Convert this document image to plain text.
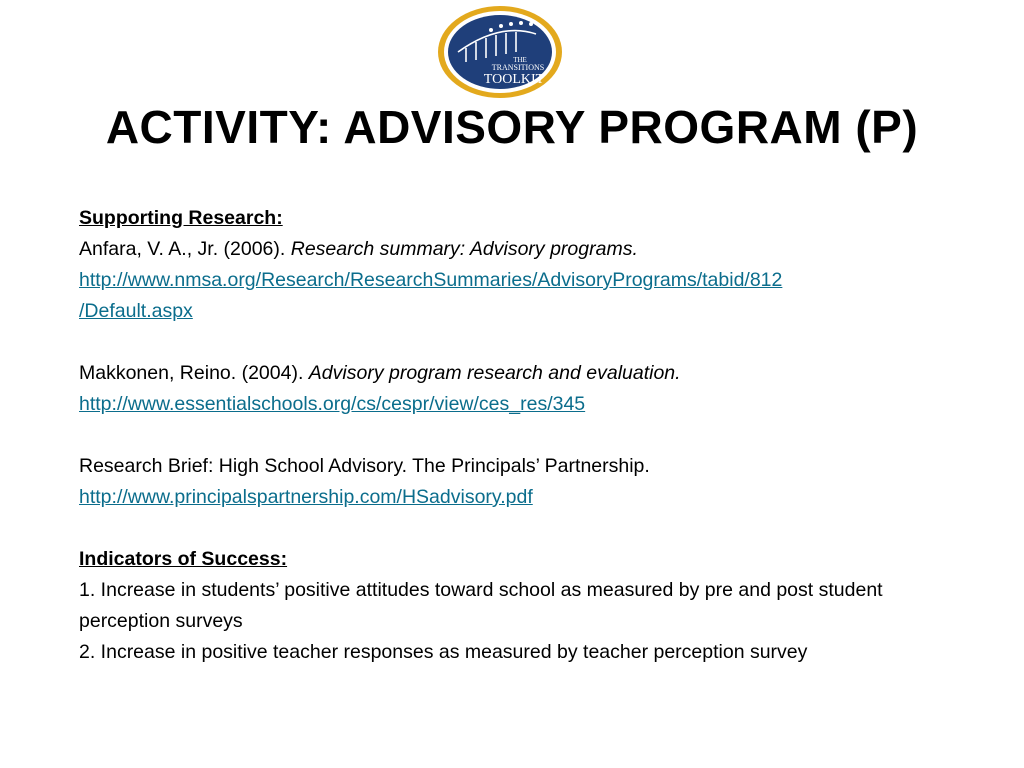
THE
TRANSITIONS
TOOLKIT
ACTIVITY: ADVISORY PROGRAM (P)
Supporting Research:
Anfara, V. A., Jr. (2006). Research summary: Advisory programs.
http://www.nmsa.org/Research/ResearchSummaries/AdvisoryPrograms/tabid/812
/Default.aspx
Makkonen, Reino. (2004). Advisory program research and evaluation.
http://www.essentialschools.org/cs/cespr/view/ces_res/345
Research Brief: High School Advisory. The Principals’ Partnership.
http://www.principalspartnership.com/HSadvisory.pdf
Indicators of Success:
1. Increase in students’ positive attitudes toward school as measured by pre and post student perception surveys
2. Increase in positive teacher responses as measured by teacher perception survey
